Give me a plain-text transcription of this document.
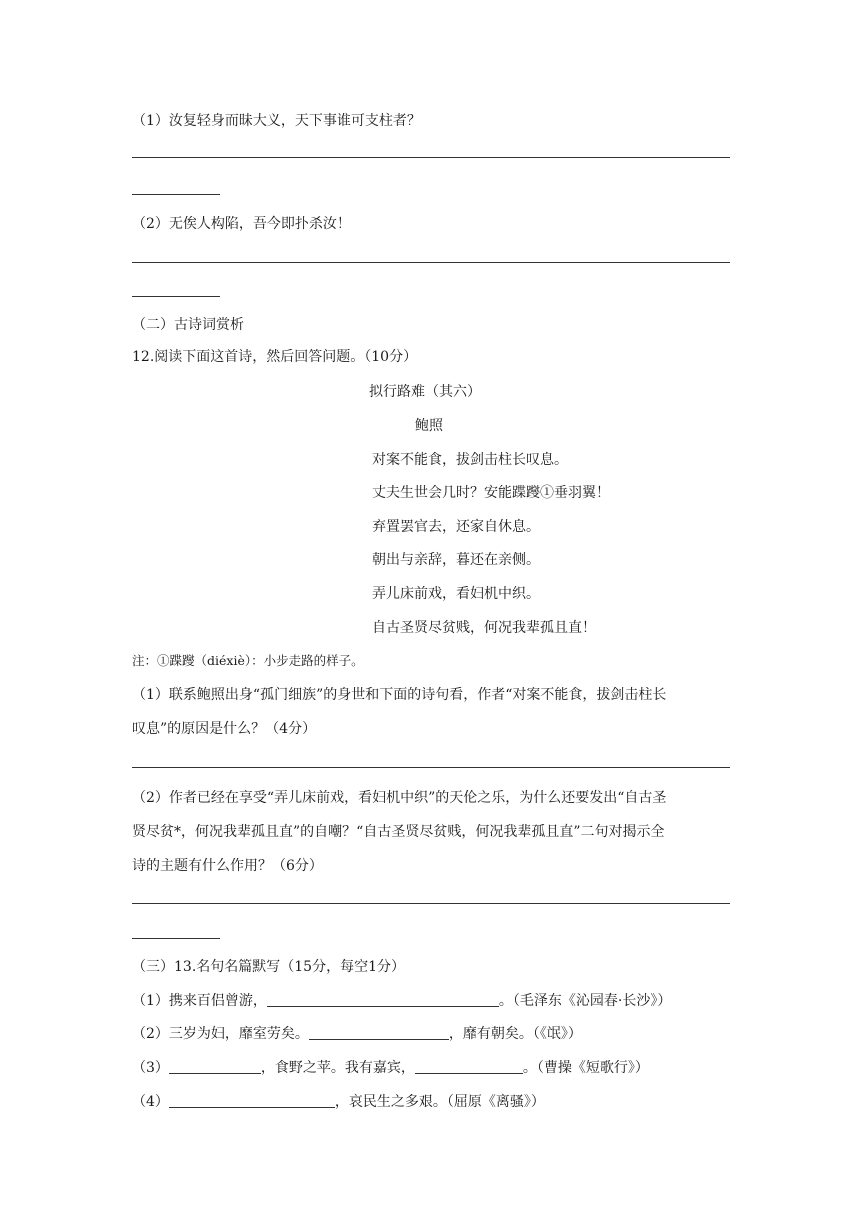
（1）汝复轻身而昧大义，天下事谁可支柱者？
（2）无俟人构陷，吾今即扑杀汝！
（二）古诗词赏析
12.阅读下面这首诗，然后回答问题。（10分）
拟行路难（其六）
鲍照
对案不能食，拔剑击柱长叹息。
丈夫生世会几时？安能蹀躞①垂羽翼！
弃置罢官去，还家自休息。
朝出与亲辞，暮还在亲侧。
弄儿床前戏，看妇机中织。
自古圣贤尽贫贱，何况我辈孤且直！
注：①蹀躞（diéxiè）：小步走路的样子。
（1）联系鲍照出身“孤门细族”的身世和下面的诗句看，作者“对案不能食，拔剑击柱长
叹息”的原因是什么？（4分）
（2）作者已经在享受“弄儿床前戏，看妇机中织”的天伦之乐，为什么还要发出“自古圣
贤尽贫*，何况我辈孤且直”的自嘲？“自古圣贤尽贫贱，何况我辈孤且直”二句对揭示全
诗的主题有什么作用？（6分）
（三）13.名句名篇默写（15分，每空1分）
（1）携来百侣曾游，	。（毛泽东《沁园春·长沙》）
（2）三岁为妇，靡室劳矣。	，靡有朝矣。（《氓》）
（3）	，食野之苹。我有嘉宾，	。（曹操《短歌行》）
（4）	，哀民生之多艰。（屈原《离骚》）
